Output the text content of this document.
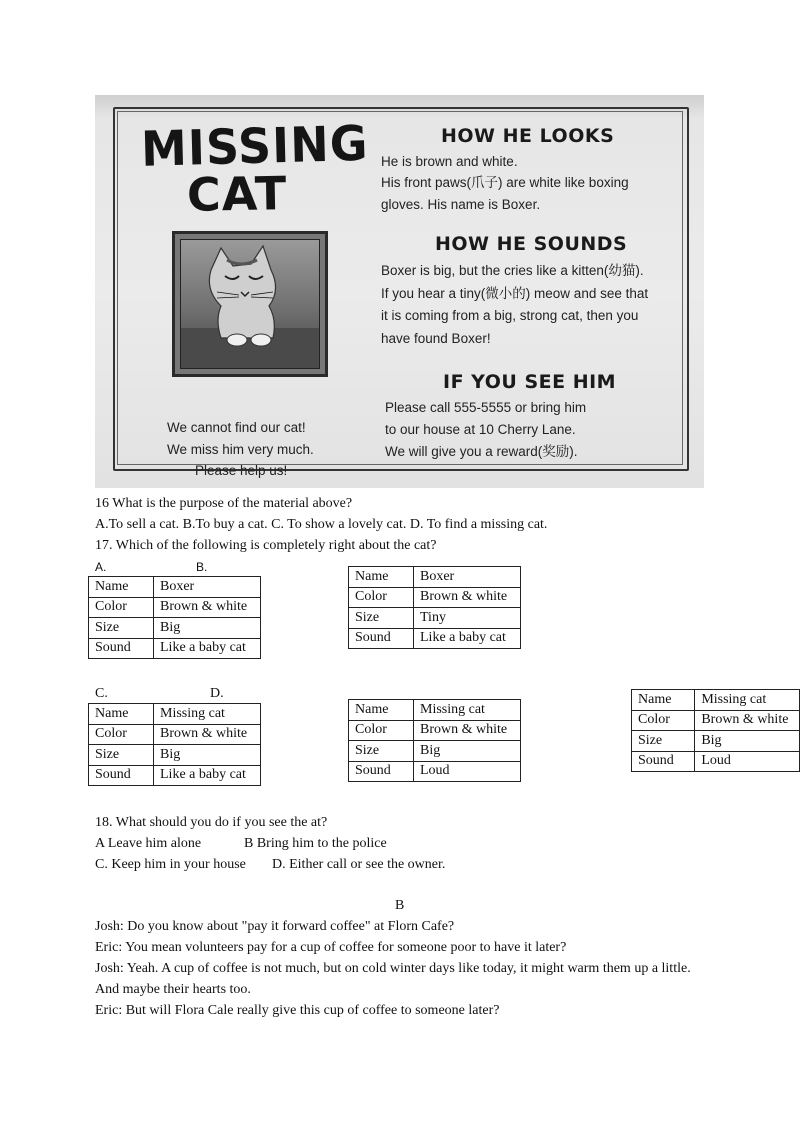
MISSING
CAT
HOW HE LOOKS
He is brown and white.
His front paws(爪子) are white like boxing
gloves. His name is Boxer.
HOW HE SOUNDS
Boxer is big, but the cries like a kitten(幼猫).
If you hear a tiny(微小的) meow and see that
it is coming from a big, strong cat, then you
have found Boxer!
IF YOU SEE HIM
Please call 555-5555 or bring him
to our house at 10 Cherry Lane.
We will give you a reward(奖励).
We cannot find our cat!
We miss him very much.
Please help us!
16 What is the purpose of the material above?
A.To sell a cat. B.To buy a cat. C. To show a lovely cat. D. To find a missing cat.
17. Which of the following is completely right about the cat?
A.	B.
Name	Boxer
Color	Brown & white
Size	Big
Sound	Like a baby cat
Name	Boxer
Color	Brown & white
Size	Tiny
Sound	Like a baby cat
C.	D.
Name	Missing cat
Color	Brown & white
Size	Big
Sound	Like a baby cat
Name	Missing cat
Color	Brown & white
Size	Big
Sound	Loud
Name	Missing cat
Color	Brown & white
Size	Big
Sound	Loud
18. What should you do if you see the at?
A Leave him alone	B Bring him to the police
C. Keep him in your house D. Either call or see the owner.
B
Josh: Do you know about "pay it forward coffee" at Florn Cafe?
Eric: You mean volunteers pay for a cup of coffee for someone poor to have it later?
Josh: Yeah. A cup of coffee is not much, but on cold winter days like today, it might warm them up a little.
And maybe their hearts too.
Eric: But will Flora Cale really give this cup of coffee to someone later?
